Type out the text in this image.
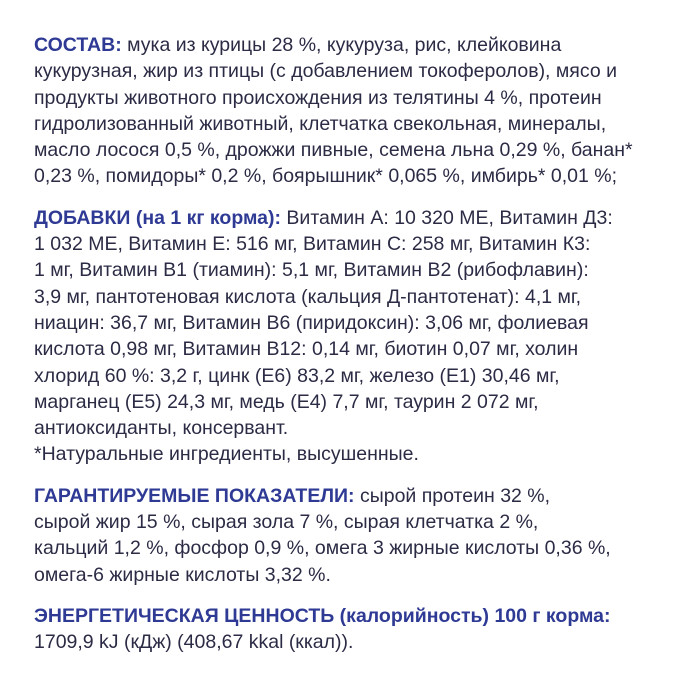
СОСТАВ: мука из курицы 28 %, кукуруза, рис, клейковина
кукурузная, жир из птицы (с добавлением токоферолов), мясо и
продукты животного происхождения из телятины 4 %, протеин
гидролизованный животный, клетчатка свекольная, минералы,
масло лосося 0,5 %, дрожжи пивные, семена льна 0,29 %, банан*
0,23 %, помидоры* 0,2 %, боярышник* 0,065 %, имбирь* 0,01 %;
ДОБАВКИ (на 1 кг корма): Витамин А: 10 320 МЕ, Витамин Д3:
1 032 МЕ, Витамин Е: 516 мг, Витамин С: 258 мг, Витамин К3:
1 мг, Витамин B1 (тиамин): 5,1 мг, Витамин В2 (рибофлавин):
3,9 мг, пантотеновая кислота (кальция Д-пантотенат): 4,1 мг,
ниацин: 36,7 мг, Витамин В6 (пиридоксин): 3,06 мг, фолиевая
кислота 0,98 мг, Витамин В12: 0,14 мг, биотин 0,07 мг, холин
хлорид 60 %: 3,2 г, цинк (Е6) 83,2 мг, железо (Е1) 30,46 мг,
марганец (Е5) 24,3 мг, медь (Е4) 7,7 мг, таурин 2 072 мг,
антиоксиданты, консервант.
*Натуральные ингредиенты, высушенные.
ГАРАНТИРУЕМЫЕ ПОКАЗАТЕЛИ: сырой протеин 32 %,
сырой жир 15 %, сырая зола 7 %, сырая клетчатка 2 %,
кальций 1,2 %, фосфор 0,9 %, омега 3 жирные кислоты 0,36 %,
омега-6 жирные кислоты 3,32 %.
ЭНЕРГЕТИЧЕСКАЯ ЦЕННОСТЬ (калорийность) 100 г корма:
1709,9 kJ (кДж) (408,67 kkal (ккал)).
